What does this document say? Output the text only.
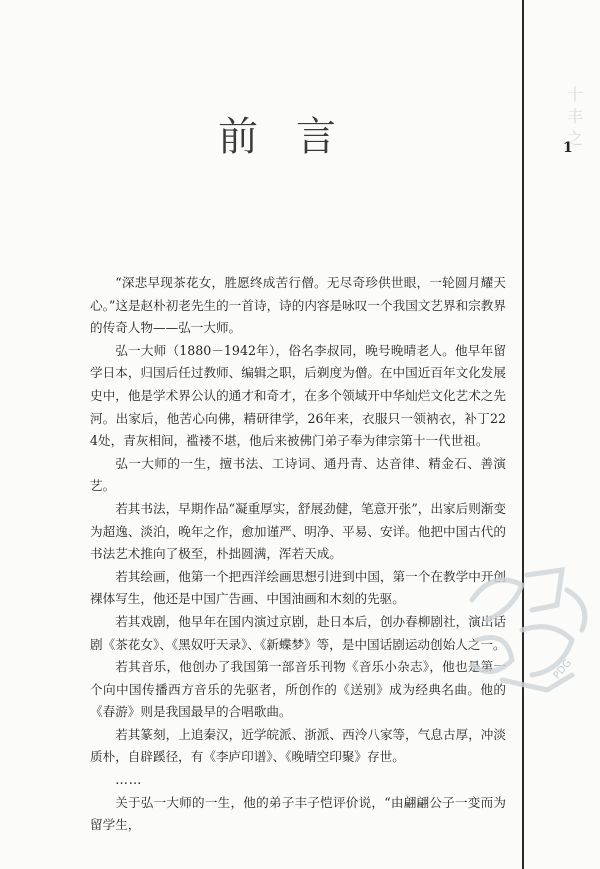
十
丰
之
1
前言

“深悲早现茶花女，胜愿终成苦行僧。无尽奇珍供世眼，一轮圆月耀天心。”这是赵朴初老先生的一首诗，诗的内容是咏叹一个我国文艺界和宗教界的传奇人物——弘一大师。

弘一大师（1880－1942年），俗名李叔同，晚号晚晴老人。他早年留学日本，归国后任过教师、编辑之职，后剃度为僧。在中国近百年文化发展史中，他是学术界公认的通才和奇才，在多个领域开中华灿烂文化艺术之先河。出家后，他苦心向佛，精研律学，26年来，衣服只一领衲衣，补丁224处，青灰相间，褴褛不堪，他后来被佛门弟子奉为律宗第十一代世祖。

弘一大师的一生，擅书法、工诗词、通丹青、达音律、精金石、善演艺。

若其书法，早期作品“凝重厚实，舒展劲健，笔意开张”，出家后则渐变为超逸、淡泊，晚年之作，愈加谨严、明净、平易、安详。他把中国古代的书法艺术推向了极至，朴拙圆满，浑若天成。

若其绘画，他第一个把西洋绘画思想引进到中国，第一个在教学中开创裸体写生，他还是中国广告画、中国油画和木刻的先驱。

若其戏剧，他早年在国内演过京剧，赴日本后，创办春柳剧社，演出话剧《茶花女》、《黑奴吁天录》、《新蝶梦》等，是中国话剧运动创始人之一。

若其音乐，他创办了我国第一部音乐刊物《音乐小杂志》，他也是第一个向中国传播西方音乐的先驱者，所创作的《送别》成为经典名曲。他的《春游》则是我国最早的合唱歌曲。

若其篆刻，上追秦汉，近学皖派、浙派、西泠八家等，气息古厚，冲淡质朴，自辟蹊径，有《李庐印谱》、《晚晴空印聚》存世。

……

关于弘一大师的一生，他的弟子丰子恺评价说，“由翩翩公子一变而为留学生，

PDG
